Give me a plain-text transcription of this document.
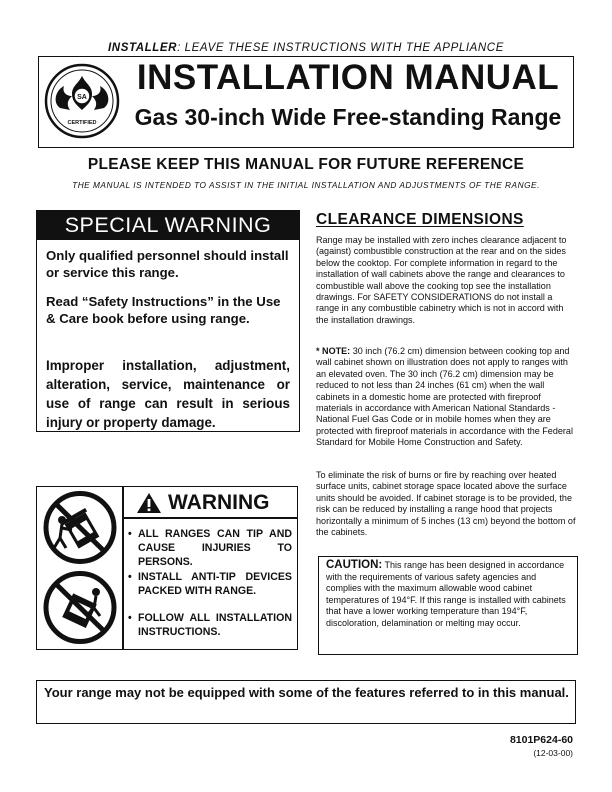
INSTALLER: LEAVE THESE INSTRUCTIONS WITH THE APPLIANCE
SA
CERTIFIED
INSTALLATION MANUAL
Gas 30-inch Wide Free-standing Range
PLEASE KEEP THIS MANUAL FOR FUTURE REFERENCE
THE MANUAL IS INTENDED TO ASSIST IN THE INITIAL INSTALLATION AND ADJUSTMENTS OF THE RANGE.
SPECIAL WARNING

Only qualified personnel should install or service this range.

Read “Safety Instructions” in the Use & Care book before using range.

Improper installation, adjustment, alteration, service, maintenance or use of range can result in serious injury or property damage.

WARNING
• ALL RANGES CAN TIP AND CAUSE INJURIES TO PERSONS.
• INSTALL ANTI-TIP DEVICES PACKED WITH RANGE.
• FOLLOW ALL INSTALLATION INSTRUCTIONS.
CLEARANCE DIMENSIONS

Range may be installed with zero inches clearance adjacent to (against) combustible construction at the rear and on the sides below the cooktop. For complete information in regard to the installation of wall cabinets above the range and clearances to combustible wall above the cooking top see the installation drawings. For SAFETY CONSIDERATIONS do not install a range in any combustible cabinetry which is not in accord with the installation drawings.

* NOTE: 30 inch (76.2 cm) dimension between cooking top and wall cabinet shown on illustration does not apply to ranges with an elevated oven. The 30 inch (76.2 cm) dimension may be reduced to not less than 24 inches (61 cm) when the wall cabinets in a domestic home are protected with fireproof materials in accordance with American National Standards - National Fuel Gas Code or in mobile homes when they are protected with fireproof materials in accordance with the Federal Standard for Mobile Home Construction and Safety.

To eliminate the risk of burns or fire by reaching over heated surface units, cabinet storage space located above the surface units should be avoided. If cabinet storage is to be provided, the risk can be reduced by installing a range hood that projects horizontally a minimum of 5 inches (13 cm) beyond the bottom of the cabinets.

CAUTION: This range has been designed in accordance with the requirements of various safety agencies and complies with the maximum allowable wood cabinet temperatures of 194°F. If this range is installed with cabinets that have a lower working temperature than 194°F, discoloration, delamination or melting may occur.

Your range may not be equipped with some of the features referred to in this manual.
8101P624-60
(12-03-00)
